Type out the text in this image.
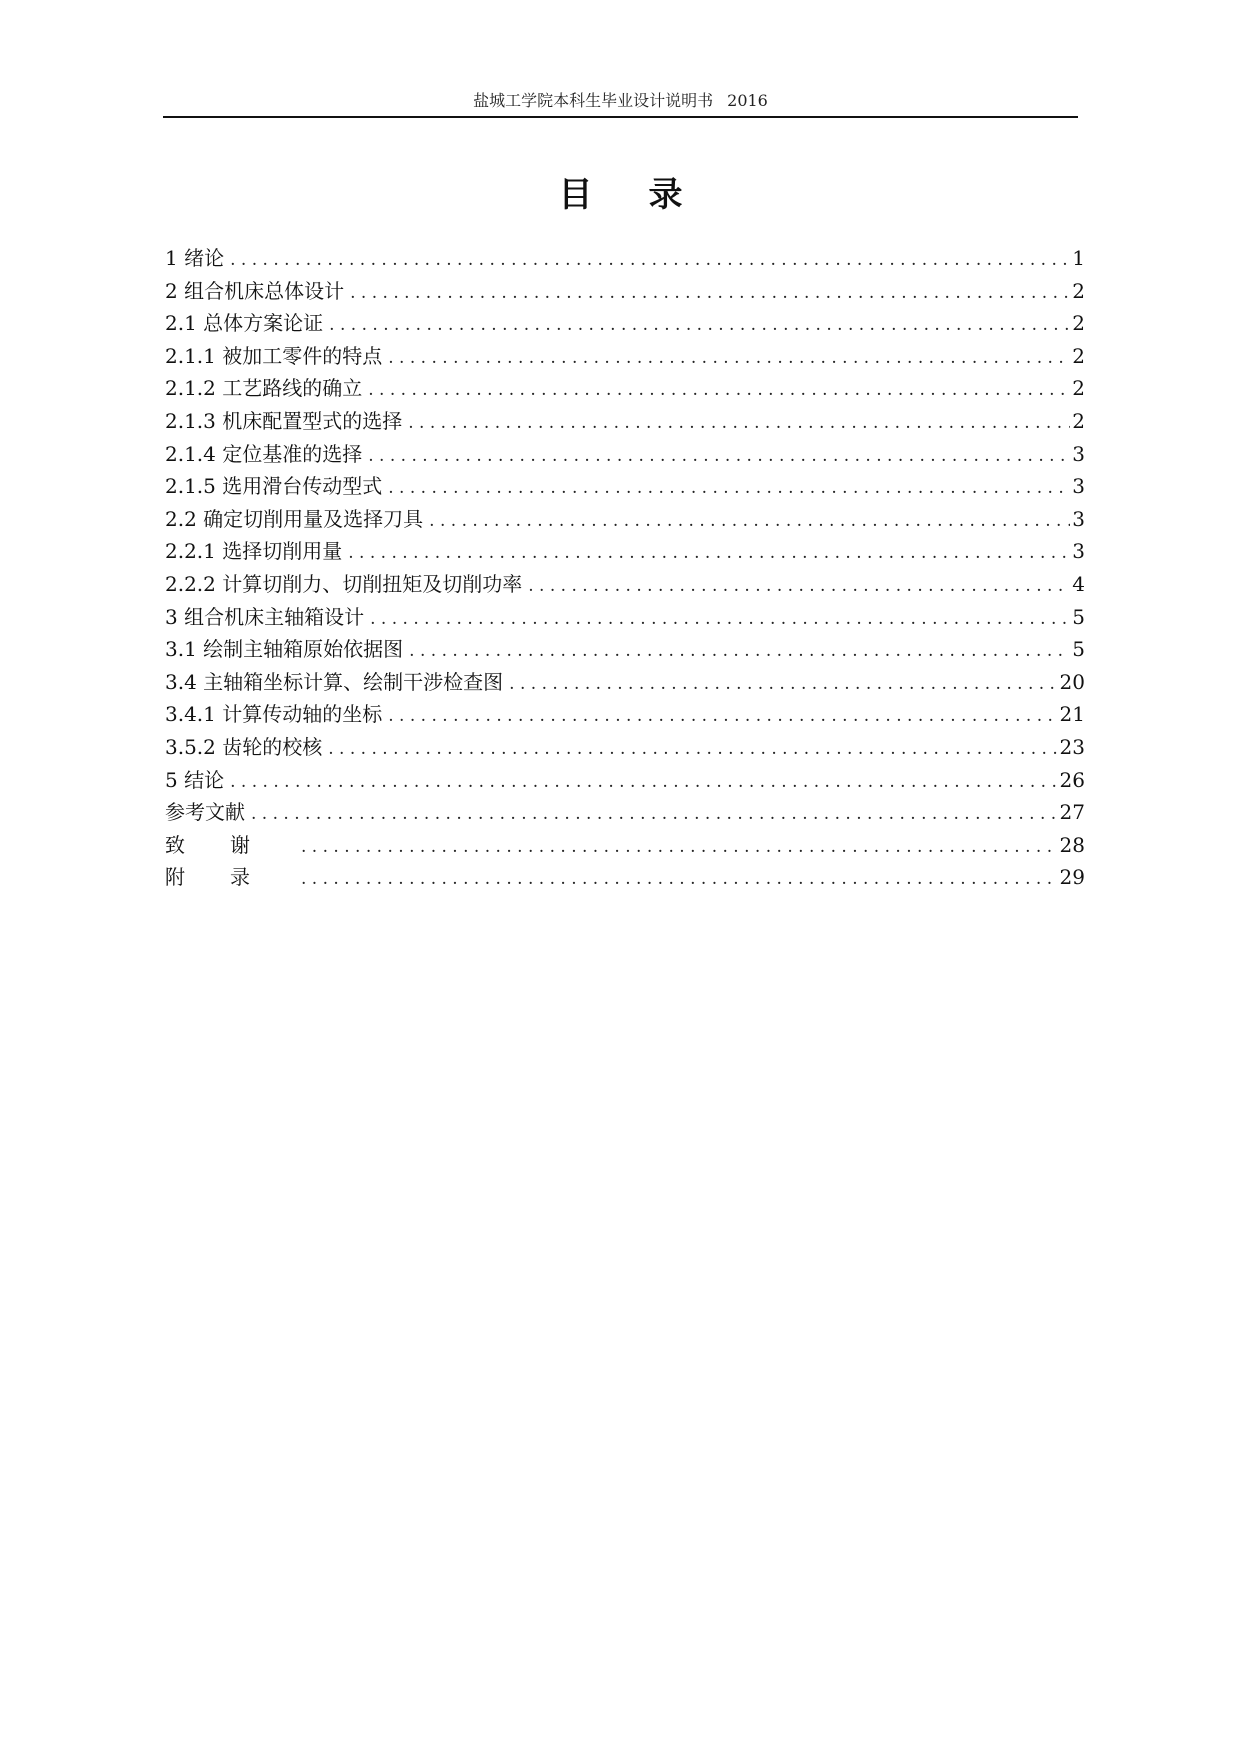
盐城工学院本科生毕业设计说明书 2016
目录
1 绪论 . . .	1
2 组合机床总体设计 . . .	2
2.1 总体方案论证 . . .	2
2.1.1 被加工零件的特点 . . .	2
2.1.2 工艺路线的确立 . . .	2
2.1.3 机床配置型式的选择 . . .	2
2.1.4 定位基准的选择 . . .	3
2.1.5 选用滑台传动型式 . . .	3
2.2 确定切削用量及选择刀具 . . .	3
2.2.1 选择切削用量 . . .	3
2.2.2 计算切削力、切削扭矩及切削功率 . . .	4
3 组合机床主轴箱设计 . . .	5
3.1 绘制主轴箱原始依据图 . . .	5
3.4 主轴箱坐标计算、绘制干涉检查图 . . .	20
3.4.1 计算传动轴的坐标 . . .	21
3.5.2 齿轮的校核 . . .	23
5 结论 . . .	26
参考文献 . . .	27
致谢 . . .	28
附录 . . .	29
